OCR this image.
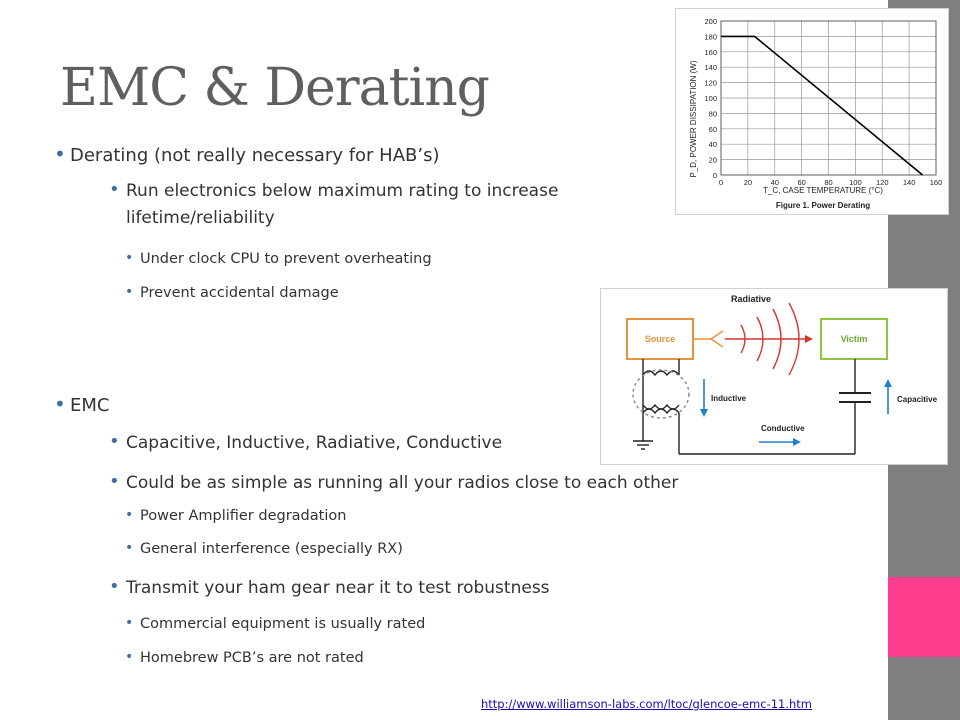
EMC & Derating
• Derating (not really necessary for HAB’s)
• Run electronics below maximum rating to increase
lifetime/reliability
• Under clock CPU to prevent overheating
• Prevent accidental damage
• EMC
• Capacitive, Inductive, Radiative, Conductive
• Could be as simple as running all your radios close to each other
• Power Amplifier degradation
• General interference (especially RX)
• Transmit your ham gear near it to test robustness
• Commercial equipment is usually rated
• Homebrew PCB’s are not rated
0
20
40
60
80
100
120
140
160
180
200
0	20 40 60 80 100 120 140 160
P_D, POWER DISSIPATION (W)
T_C, CASE TEMPERATURE (°C)
Figure 1. Power Derating
Radiative
Source	Victim
Inductive	Capacitive
Conductive
http://www.williamson-labs.com/ltoc/glencoe-emc-11.htm
